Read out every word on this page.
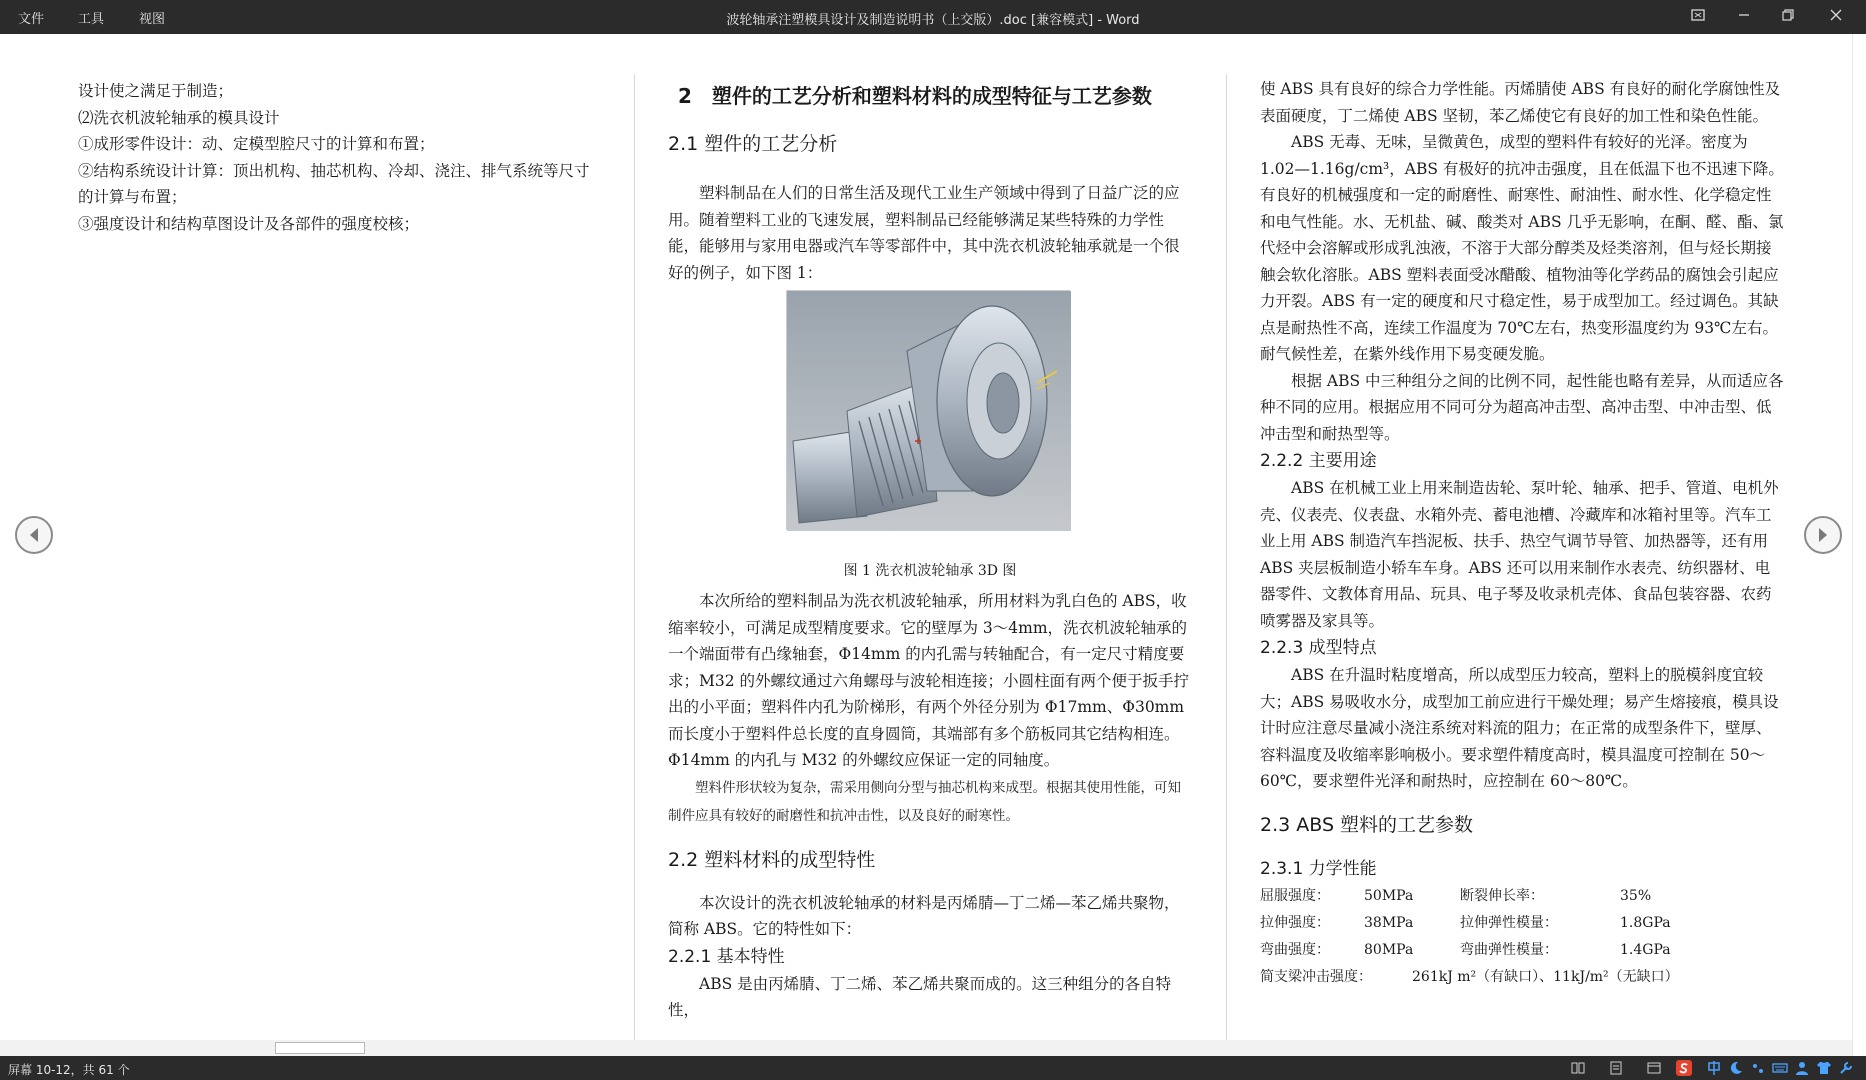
文件	工具	视图	波轮轴承注塑模具设计及制造说明书（上交版）.doc [兼容模式] - Word

设计使之满足于制造；

⑵洗衣机波轮轴承的模具设计

①成形零件设计：动、定模型腔尺寸的计算和布置；

②结构系统设计计算：顶出机构、抽芯机构、冷却、浇注、排气系统等尺寸的计算与布置；

③强度设计和结构草图设计及各部件的强度校核；

2　塑件的工艺分析和塑料材料的成型特征与工艺参数
2.1 塑件的工艺分析

塑料制品在人们的日常生活及现代工业生产领域中得到了日益广泛的应用。随着塑料工业的飞速发展，塑料制品已经能够满足某些特殊的力学性能，能够用与家用电器或汽车等零部件中，其中洗衣机波轮轴承就是一个很好的例子，如下图 1：

图 1 洗衣机波轮轴承 3D 图

本次所给的塑料制品为洗衣机波轮轴承，所用材料为乳白色的 ABS，收缩率较小，可满足成型精度要求。它的壁厚为 3～4mm，洗衣机波轮轴承的一个端面带有凸缘轴套，Φ14mm 的内孔需与转轴配合，有一定尺寸精度要求；M32 的外螺纹通过六角螺母与波轮相连接；小圆柱面有两个便于扳手拧出的小平面；塑料件内孔为阶梯形，有两个外径分别为 Φ17mm、Φ30mm 而长度小于塑料件总长度的直身圆筒，其端部有多个筋板同其它结构相连。Φ14mm 的内孔与 M32 的外螺纹应保证一定的同轴度。

塑料件形状较为复杂，需采用侧向分型与抽芯机构来成型。根据其使用性能，可知制件应具有较好的耐磨性和抗冲击性，以及良好的耐寒性。

2.2 塑料材料的成型特性

本次设计的洗衣机波轮轴承的材料是丙烯腈—丁二烯—苯乙烯共聚物，简称 ABS。它的特性如下：

2.2.1 基本特性

ABS 是由丙烯腈、丁二烯、苯乙烯共聚而成的。这三种组分的各自特性，

使 ABS 具有良好的综合力学性能。丙烯腈使 ABS 有良好的耐化学腐蚀性及表面硬度，丁二烯使 ABS 坚韧，苯乙烯使它有良好的加工性和染色性能。

ABS 无毒、无味，呈微黄色，成型的塑料件有较好的光泽。密度为 1.02—1.16g/cm³，ABS 有极好的抗冲击强度，且在低温下也不迅速下降。有良好的机械强度和一定的耐磨性、耐寒性、耐油性、耐水性、化学稳定性和电气性能。水、无机盐、碱、酸类对 ABS 几乎无影响，在酮、醛、酯、氯代烃中会溶解或形成乳浊液，不溶于大部分醇类及烃类溶剂，但与烃长期接触会软化溶胀。ABS 塑料表面受冰醋酸、植物油等化学药品的腐蚀会引起应力开裂。ABS 有一定的硬度和尺寸稳定性，易于成型加工。经过调色。其缺点是耐热性不高，连续工作温度为 70℃左右，热变形温度约为 93℃左右。耐气候性差，在紫外线作用下易变硬发脆。

根据 ABS 中三种组分之间的比例不同，起性能也略有差异，从而适应各种不同的应用。根据应用不同可分为超高冲击型、高冲击型、中冲击型、低冲击型和耐热型等。

2.2.2 主要用途

ABS 在机械工业上用来制造齿轮、泵叶轮、轴承、把手、管道、电机外壳、仪表壳、仪表盘、水箱外壳、蓄电池槽、冷藏库和冰箱衬里等。汽车工业上用 ABS 制造汽车挡泥板、扶手、热空气调节导管、加热器等，还有用 ABS 夹层板制造小轿车车身。ABS 还可以用来制作水表壳、纺织器材、电器零件、文教体育用品、玩具、电子琴及收录机壳体、食品包装容器、农药喷雾器及家具等。

2.2.3 成型特点

ABS 在升温时粘度增高，所以成型压力较高，塑料上的脱模斜度宜较大；ABS 易吸收水分，成型加工前应进行干燥处理；易产生熔接痕，模具设计时应注意尽量减小浇注系统对料流的阻力；在正常的成型条件下，壁厚、容料温度及收缩率影响极小。要求塑件精度高时，模具温度可控制在 50～60℃，要求塑件光泽和耐热时，应控制在 60～80℃。

2.3 ABS 塑料的工艺参数
2.3.1 力学性能
屈服强度：	50MPa	断裂伸长率：	35%
拉伸强度：	38MPa	拉伸弹性模量：	1.8GPa
弯曲强度：	80MPa	弯曲弹性模量：	1.4GPa
简支梁冲击强度：	261kJ m²（有缺口）、11kJ/m²（无缺口）
屏幕 10-12，共 61 个
